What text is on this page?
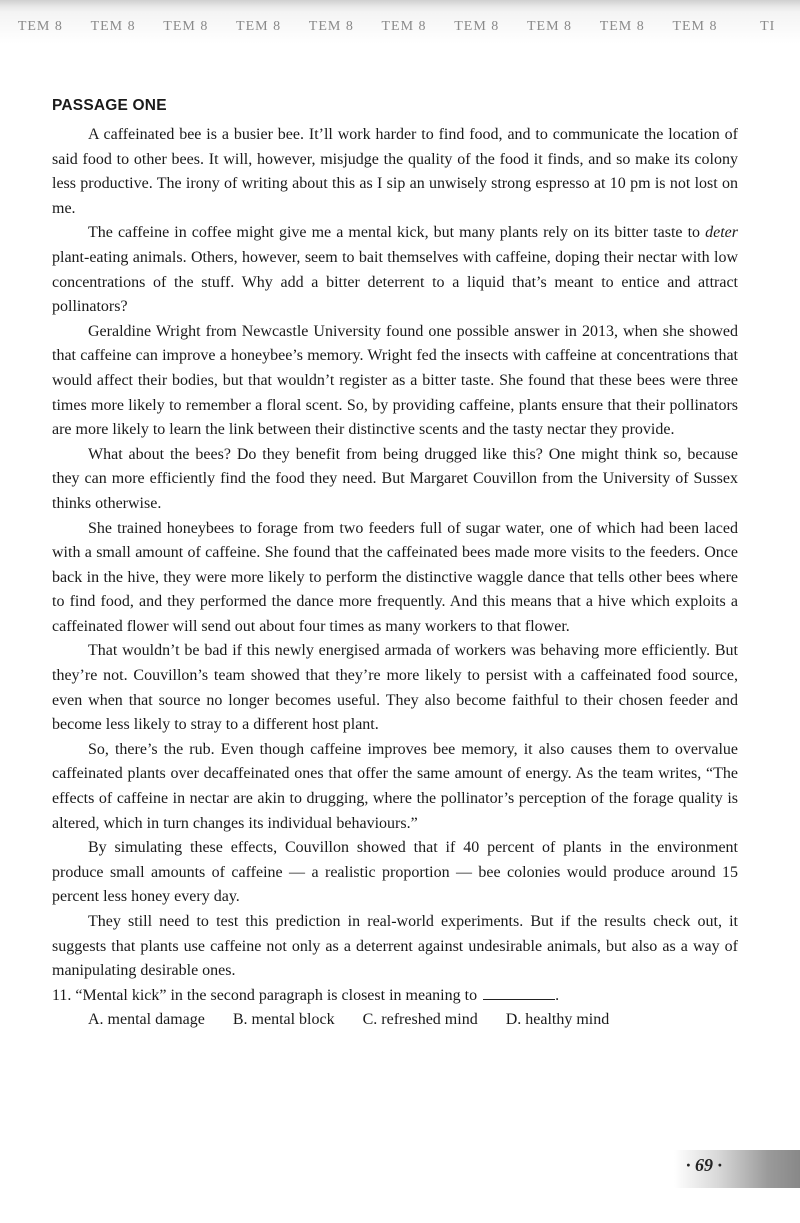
TEM 8	TEM 8	TEM 8	TEM 8	TEM 8	TEM 8	TEM 8	TEM 8	TEM 8	TEM 8	TI
PASSAGE ONE

A caffeinated bee is a busier bee. It’ll work harder to find food, and to communicate the location of said food to other bees. It will, however, misjudge the quality of the food it finds, and so make its colony less productive. The irony of writing about this as I sip an unwisely strong espresso at 10 pm is not lost on me.

The caffeine in coffee might give me a mental kick, but many plants rely on its bitter taste to deter plant-eating animals. Others, however, seem to bait themselves with caffeine, doping their nectar with low concentrations of the stuff. Why add a bitter deterrent to a liquid that’s meant to entice and attract pollinators?

Geraldine Wright from Newcastle University found one possible answer in 2013, when she showed that caffeine can improve a honeybee’s memory. Wright fed the insects with caffeine at concentrations that would affect their bodies, but that wouldn’t register as a bitter taste. She found that these bees were three times more likely to remember a floral scent. So, by providing caffeine, plants ensure that their pollinators are more likely to learn the link between their distinctive scents and the tasty nectar they provide.

What about the bees? Do they benefit from being drugged like this? One might think so, because they can more efficiently find the food they need. But Margaret Couvillon from the University of Sussex thinks otherwise.

She trained honeybees to forage from two feeders full of sugar water, one of which had been laced with a small amount of caffeine. She found that the caffeinated bees made more visits to the feeders. Once back in the hive, they were more likely to perform the distinctive waggle dance that tells other bees where to find food, and they performed the dance more frequently. And this means that a hive which exploits a caffeinated flower will send out about four times as many workers to that flower.

That wouldn’t be bad if this newly energised armada of workers was behaving more efficiently. But they’re not. Couvillon’s team showed that they’re more likely to persist with a caffeinated food source, even when that source no longer becomes useful. They also become faithful to their chosen feeder and become less likely to stray to a different host plant.

So, there’s the rub. Even though caffeine improves bee memory, it also causes them to overvalue caffeinated plants over decaffeinated ones that offer the same amount of energy. As the team writes, “The effects of caffeine in nectar are akin to drugging, where the pollinator’s perception of the forage quality is altered, which in turn changes its individual behaviours.”

By simulating these effects, Couvillon showed that if 40 percent of plants in the environment produce small amounts of caffeine — a realistic proportion — bee colonies would produce around 15 percent less honey every day.

They still need to test this prediction in real-world experiments. But if the results check out, it suggests that plants use caffeine not only as a deterrent against undesirable animals, but also as a way of manipulating desirable ones.

11. “Mental kick” in the second paragraph is closest in meaning to	.

A. mental damage B. mental block C. refreshed mind D. healthy mind
· 69 ·
